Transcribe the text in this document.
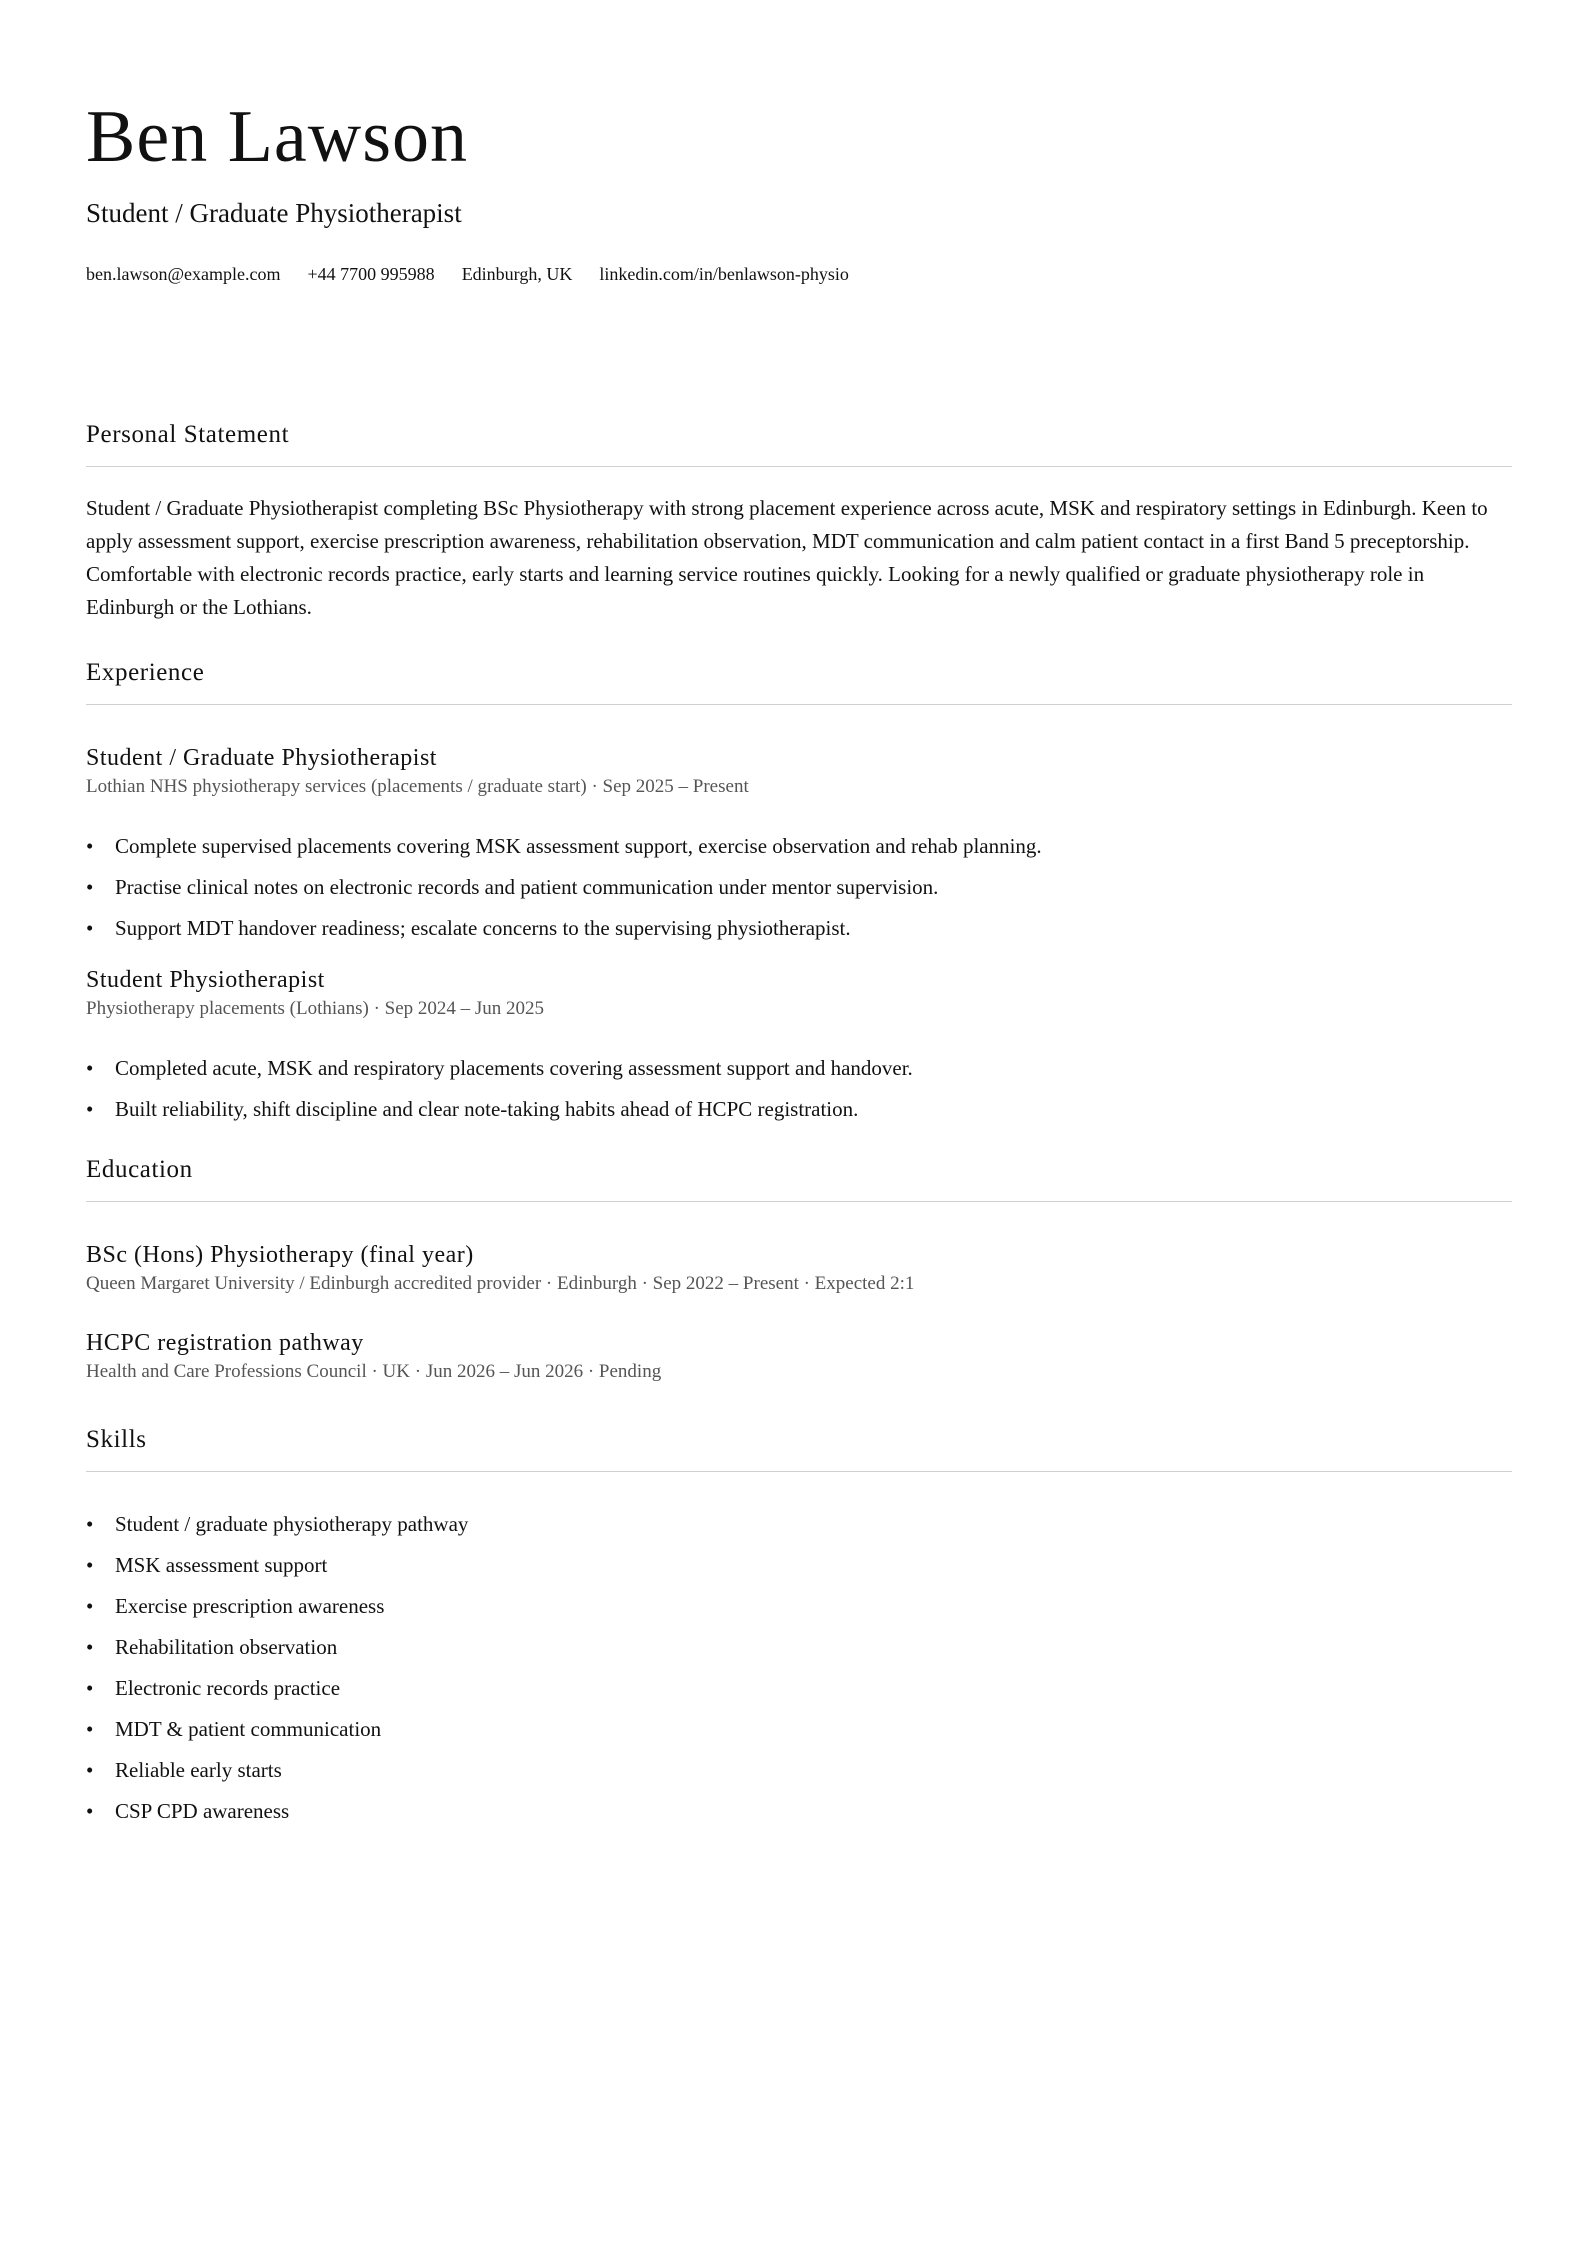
Ben Lawson
Student / Graduate Physiotherapist
ben.lawson@example.com +44 7700 995988 Edinburgh, UK linkedin.com/in/benlawson-physio
Personal Statement
Student / Graduate Physiotherapist completing BSc Physiotherapy with strong placement experience across acute, MSK and respiratory settings in Edinburgh. Keen to apply assessment support, exercise prescription awareness, rehabilitation observation, MDT communication and calm patient contact in a first Band 5 preceptorship. Comfortable with electronic records practice, early starts and learning service routines quickly. Looking for a newly qualified or graduate physiotherapy role in Edinburgh or the Lothians.
Experience
Student / Graduate Physiotherapist
Lothian NHS physiotherapy services (placements / graduate start) · Sep 2025 – Present
• Complete supervised placements covering MSK assessment support, exercise observation and rehab planning.
• Practise clinical notes on electronic records and patient communication under mentor supervision.
• Support MDT handover readiness; escalate concerns to the supervising physiotherapist.
Student Physiotherapist
Physiotherapy placements (Lothians) · Sep 2024 – Jun 2025
• Completed acute, MSK and respiratory placements covering assessment support and handover.
• Built reliability, shift discipline and clear note-taking habits ahead of HCPC registration.
Education
BSc (Hons) Physiotherapy (final year)
Queen Margaret University / Edinburgh accredited provider · Edinburgh · Sep 2022 – Present · Expected 2:1
HCPC registration pathway
Health and Care Professions Council · UK · Jun 2026 – Jun 2026 · Pending
Skills
• Student / graduate physiotherapy pathway
• MSK assessment support
• Exercise prescription awareness
• Rehabilitation observation
• Electronic records practice
• MDT & patient communication
• Reliable early starts
• CSP CPD awareness
